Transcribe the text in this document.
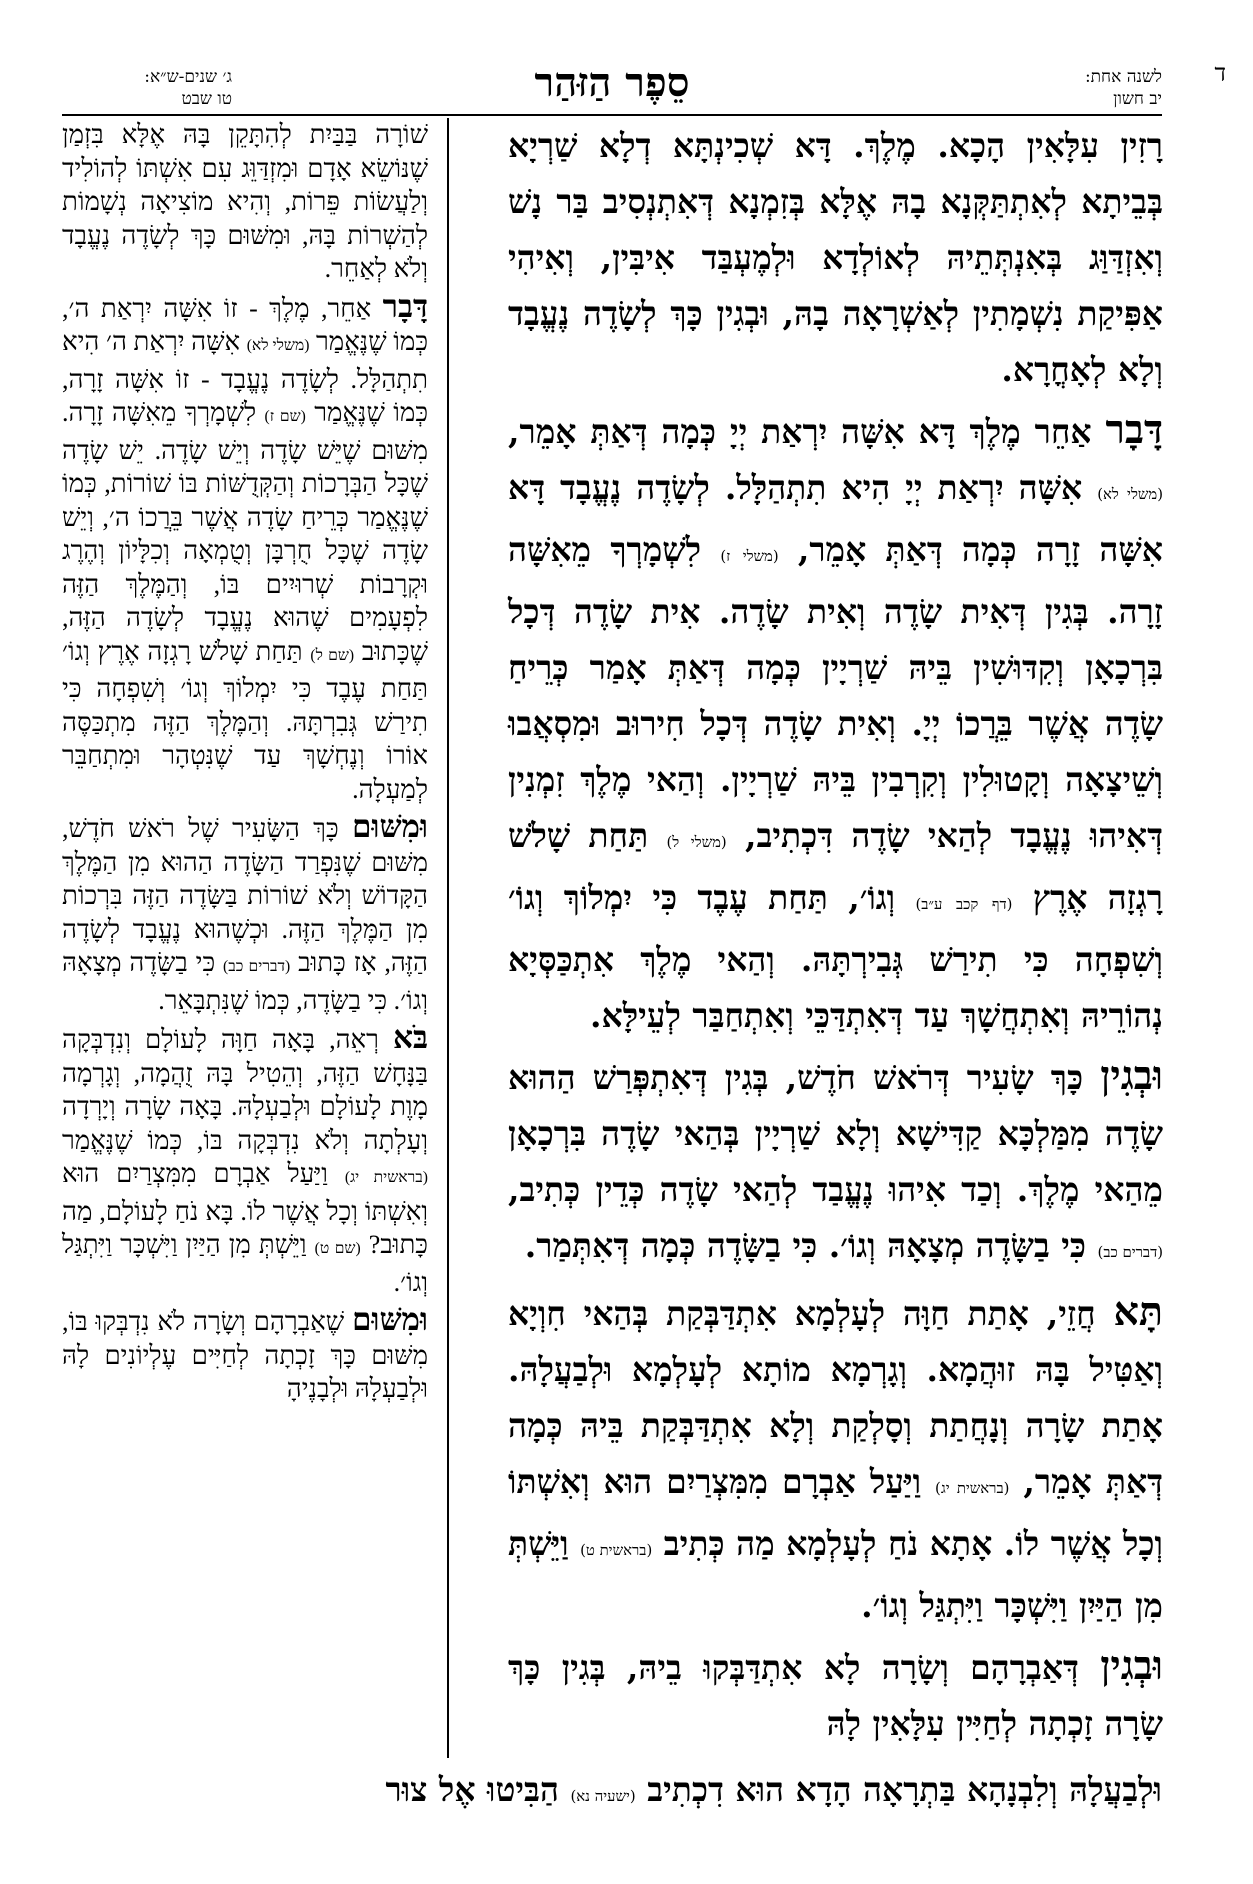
ד
לשנה אחת:
יב חשון
סֵפֶר הַזּהַר
ג׳ שנים-ש״א:
טו שבט

רָזִין עִלָּאִין הָכָא. מֶלֶךְ. דָּא שְׁכִינְתָּא דְלָא שַׁרְיָא בְּבֵיתָא לְאִתְתַּקְּנָא בָהּ אֶלָּא בְּזִמְנָא דְּאִתְנְסִיב בַּר נָשׁ וְאִזְדַּוַּג בְּאִנְתְּתֵיהּ לְאוֹלְדָא וּלְמֶעְבַּד אִיבִּין, וְאִיהִי אַפִּיקַת נִשְׁמָתִין לְאַשְׁרָאָה בָהּ, וּבְגִין כָּךְ לְשָׂדֶה נֶעֱבָד וְלָא לְאָחֳרָא.

דָּבָר אַחֵר מֶלֶךְ דָּא אִשָּׁה יִרְאַת יְיָ כְּמָה דְּאַתְּ אָמֵר, (משלי לא) אִשָּׁה יִרְאַת יְיָ הִיא תִתְהַלָּל. לְשָׂדֶה נֶעֱבָד דָּא אִשָּׁה זָרָה כְּמָה דְּאַתְּ אָמֵר, (משלי ז) לִשְׁמָרְךָ מֵאִשָּׁה זָרָה. בְּגִין דְּאִית שָׂדֶה וְאִית שָׂדֶה. אִית שָׂדֶה דְּכָל בִּרְכָאָן וְקִדּוּשִׁין בֵּיהּ שַׁרְיָין כְּמָה דְּאַתְּ אָמַר כְּרֵיחַ שָׂדֶה אֲשֶׁר בֵּרֲכוֹ יְיָ. וְאִית שָׂדֶה דְּכָל חִירוּב וּמִסְאֲבוּ וְשֵׁיצָאָה וְקָטוּלִין וְקִרְבִין בֵּיהּ שַׁרְיָין. וְהַאי מֶלֶךְ זִמְנִין דְּאִיהוּ נֶעֱבָד לְהַאי שָׂדֶה דִּכְתִיב, (משלי ל) תַּחַת שָׁלֹשׁ רָגְזָה אֶרֶץ (דף קכב ע״ב) וְגוֹ׳, תַּחַת עֶבֶד כִּי יִמְלוֹךְ וְגוֹ׳ וְשִׁפְחָה כִּי תִירַשׁ גְּבִירְתָּהּ. וְהַאי מֶלֶךְ אִתְכַּסְּיָא נְהוֹרֵיהּ וְאִתְחֲשָׁךְ עַד דְּאִתְדַּכֵּי וְאִתְחַבַּר לְעֵילָּא.

וּבְגִין כָּךְ שָׂעִיר דְּרֹאשׁ חֹדֶשׁ, בְּגִין דְּאִתְפְּרַשׁ הַהוּא שָׂדֶה מִמַּלְכָּא קַדִּישָׁא וְלָא שַׁרְיָין בְּהַאי שָׂדֶה בִּרְכָאָן מֵהַאי מֶלֶךְ. וְכַד אִיהוּ נֶעֱבַד לְהַאי שָׂדֶה כְּדֵין כְּתִיב, (דברים כב) כִּי בַשָּׂדֶה מְצָאָהּ וְגוֹ׳. כִּי בַשָּׂדֶה כְּמָה דְּאִתְּמַר.

תָּא חֲזֵי, אָתַת חַוָּה לְעָלְמָא אִתְדַּבְּקַת בְּהַאי חִוְיָא וְאַטִּיל בָּהּ זוּהֲמָא. וְגָרְמָא מוֹתָא לְעָלְמָא וּלְבַעֲלָהּ. אָתַת שָׂרָה וְנָחֲתַת וְסָלְקַת וְלָא אִתְדַּבְּקַת בֵּיהּ כְּמָה דְּאַתְּ אָמֵר, (בראשית יג) וַיַּעַל אַבְרָם מִמִּצְרַיִם הוּא וְאִשְׁתּוֹ וְכָל אֲשֶׁר לוֹ. אָתָא נֹחַ לְעָלְמָא מַה כְּתִיב (בראשית ט) וַיֵּשְׁתְּ מִן הַיַּיִן וַיִּשְׁכָּר וַיִּתְגַּל וְגוֹ׳.

וּבְגִין דְּאַבְרָהָם וְשָׂרָה לָא אִתְדַּבְּקוּ בֵיהּ, בְּגִין כָּךְ שָׂרָה זָכְתָה לְחַיִּין עִלָּאִין לָהּ

שׁוֹרָה בַּבַּיִת לְהִתָּקֵן בָּהּ אֶלָּא בִּזְמַן שֶׁנּוֹשֵׂא אָדָם וּמִזְדַּוֵּג עִם אִשְׁתּוֹ לְהוֹלִיד וְלַעֲשׂוֹת פֵּרוֹת, וְהִיא מוֹצִיאָה נְשָׁמוֹת לְהַשְׁרוֹת בָּהּ, וּמִשּׁוּם כָּךְ לְשָׂדֶה נֶעֱבָד וְלֹא לְאַחֵר.

דָּבָר אַחֵר, מֶלֶךְ - זוֹ אִשָּׁה יִרְאַת ה׳, כְּמוֹ שֶׁנֶּאֱמַר (משלי לא) אִשָּׁה יִרְאַת ה׳ הִיא תִתְהַלָּל. לְשָׂדֶה נֶעֱבָד - זוֹ אִשָּׁה זָרָה, כְּמוֹ שֶׁנֶּאֱמַר (שם ז) לִשְׁמָרְךָ מֵאִשָּׁה זָרָה. מִשּׁוּם שֶׁיֵּשׁ שָׂדֶה וְיֵשׁ שָׂדֶה. יֵשׁ שָׂדֶה שֶׁכָּל הַבְּרָכוֹת וְהַקְּדֻשּׁוֹת בּוֹ שׁוֹרוֹת, כְּמוֹ שֶׁנֶּאֱמַר כְּרֵיחַ שָׂדֶה אֲשֶׁר בֵּרֲכוֹ ה׳, וְיֵשׁ שָׂדֶה שֶׁכָּל חֻרְבָּן וְטֻמְאָה וְכִלָּיוֹן וְהֶרֶג וּקְרָבוֹת שְׁרוּיִים בּוֹ, וְהַמֶּלֶךְ הַזֶּה לִפְעָמִים שֶׁהוּא נֶעֱבָד לְשָׂדֶה הַזֶּה, שֶׁכָּתוּב (שם ל) תַּחַת שָׁלֹשׁ רָגְזָה אֶרֶץ וְגוֹ׳ תַּחַת עֶבֶד כִּי יִמְלוֹךְ וְגוֹ׳ וְשִׁפְחָה כִּי תִירַשׁ גְּבִרְתָּהּ. וְהַמֶּלֶךְ הַזֶּה מִתְכַּסֶּה אוֹרוֹ וְנֶחְשָׁךְ עַד שֶׁנִּטְהָר וּמִתְחַבֵּר לְמַעְלָה.

וּמִשּׁוּם כָּךְ הַשָּׂעִיר שֶׁל רֹאשׁ חֹדֶשׁ, מִשּׁוּם שֶׁנִּפְרַד הַשָּׂדֶה הַהוּא מִן הַמֶּלֶךְ הַקָּדוֹשׁ וְלֹא שׁוֹרוֹת בַּשָּׂדֶה הַזֶּה בִּרְכוֹת מִן הַמֶּלֶךְ הַזֶּה. וּכְשֶׁהוּא נֶעֱבָד לְשָׂדֶה הַזֶּה, אָז כָּתוּב (דברים כב) כִּי בַשָּׂדֶה מְצָאָהּ וְגוֹ׳. כִּי בַשָּׂדֶה, כְּמוֹ שֶׁנִּתְבָּאֵר.

בֹּא רְאֵה, בָּאָה חַוָּה לָעוֹלָם וְנִדְבְּקָה בַּנָּחָשׁ הַזֶּה, וְהֵטִיל בָּהּ זֻהֲמָה, וְגָרְמָה מָוֶת לָעוֹלָם וּלְבַעְלָהּ. בָּאָה שָׂרָה וְיָרְדָה וְעָלְתָה וְלֹא נִדְבְּקָה בּוֹ, כְּמוֹ שֶׁנֶּאֱמַר (בראשית יג) וַיַּעַל אַבְרָם מִמִּצְרַיִם הוּא וְאִשְׁתּוֹ וְכָל אֲשֶׁר לוֹ. בָּא נֹחַ לָעוֹלָם, מַה כָּתוּב? (שם ט) וַיֵּשְׁתְּ מִן הַיַּיִן וַיִּשְׁכָּר וַיִּתְגַּל וְגוֹ׳.

וּמִשּׁוּם שֶׁאַבְרָהָם וְשָׂרָה לֹא נִדְבְּקוּ בּוֹ, מִשּׁוּם כָּךְ זָכְתָה לְחַיִּים עֶלְיוֹנִים לָהּ וּלְבַעְלָהּ וּלְבָנֶיהָ

וּלְבַעֲלָהּ וְלִבְנָהָא בַּתְרָאָה הָדָא הוּא דִכְתִיב (ישעיה נא) הַבִּיטוּ אֶל צוּר
